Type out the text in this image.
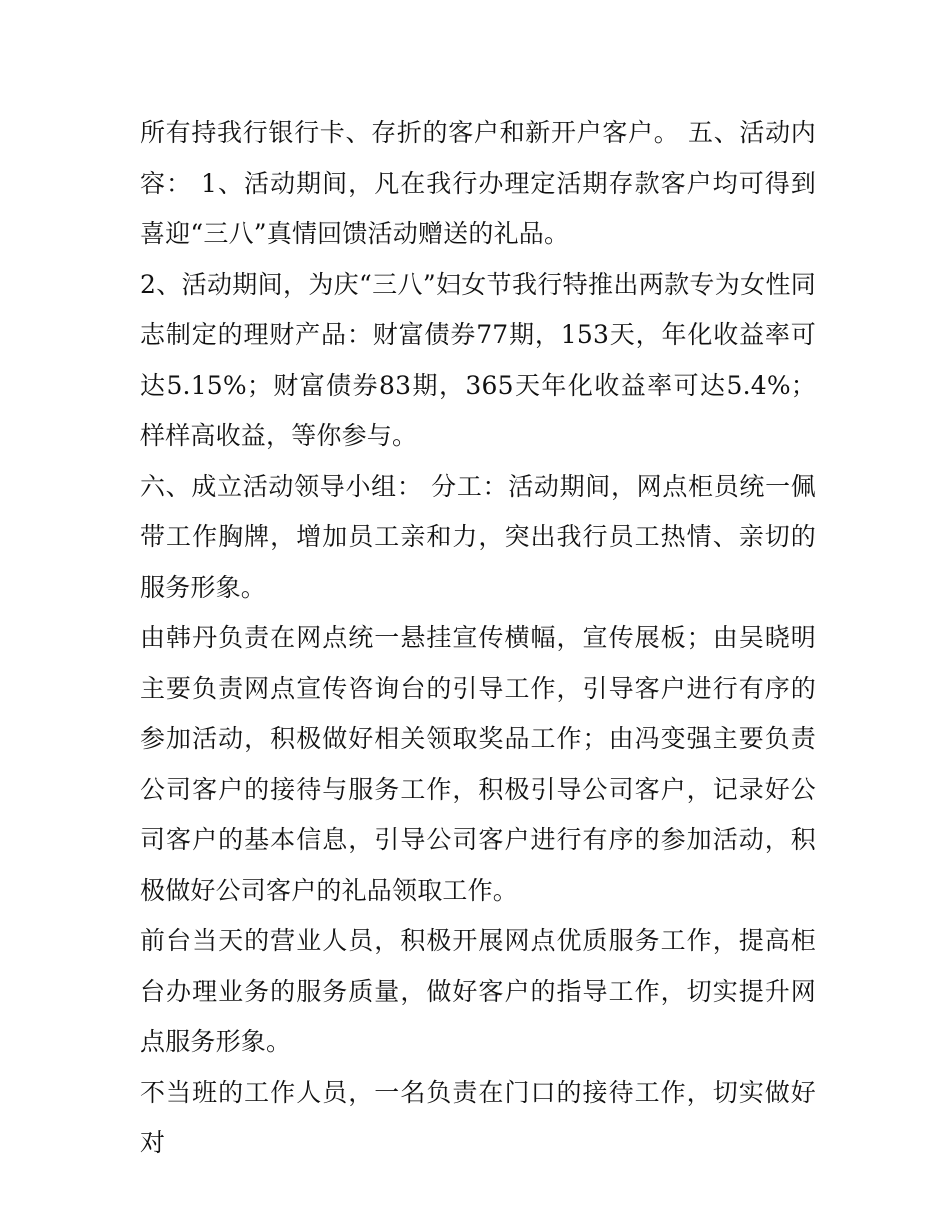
所有持我行银行卡、存折的客户和新开户客户。 五、活动内容： 1、活动期间，凡在我行办理定活期存款客户均可得到喜迎“三八”真情回馈活动赠送的礼品。

2、活动期间，为庆“三八”妇女节我行特推出两款专为女性同志制定的理财产品：财富债券77期，153天，年化收益率可达5.15%；财富债券83期，365天年化收益率可达5.4%；样样高收益，等你参与。

六、成立活动领导小组： 分工：活动期间，网点柜员统一佩带工作胸牌，增加员工亲和力，突出我行员工热情、亲切的服务形象。

由韩丹负责在网点统一悬挂宣传横幅，宣传展板；由吴晓明主要负责网点宣传咨询台的引导工作，引导客户进行有序的参加活动，积极做好相关领取奖品工作；由冯变强主要负责公司客户的接待与服务工作，积极引导公司客户，记录好公司客户的基本信息，引导公司客户进行有序的参加活动，积极做好公司客户的礼品领取工作。

前台当天的营业人员，积极开展网点优质服务工作，提高柜台办理业务的服务质量，做好客户的指导工作，切实提升网点服务形象。

不当班的工作人员，一名负责在门口的接待工作，切实做好对
